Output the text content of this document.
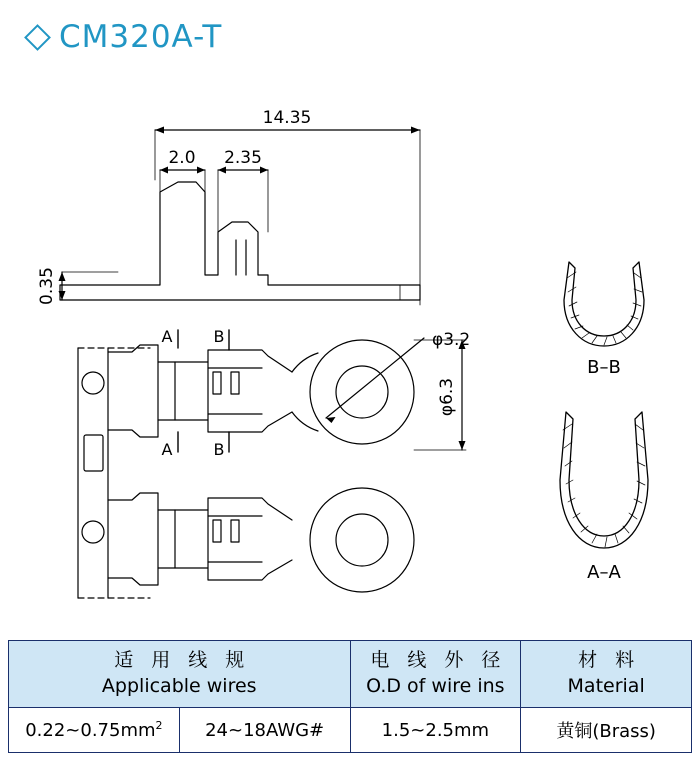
CM320A-T
14.35
2.0 2.35
0.35
φ3.2
φ6.3
A
A
B
B
B–B
A–A
适 用 线 规
Applicable wires

电 线 外 径
O.D of wire ins

材 料
Material

$0.22\sim 0.75mm^2$	24~18AWG#	1.5~2.5mm	黄铜(Brass)
